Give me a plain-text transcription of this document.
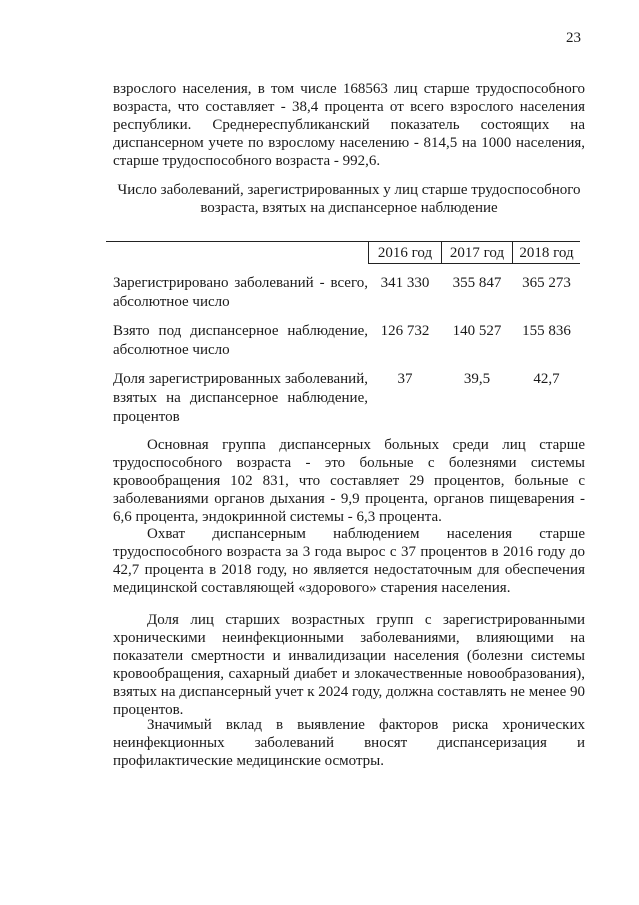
23

взрослого населения, в том числе 168563 лиц старше трудоспособного возраста, что составляет - 38,4 процента от всего взрослого населения республики. Среднереспубликанский показатель состоящих на диспансерном учете по взрослому населению - 814,5 на 1000 населения, старше трудоспособного возраста - 992,6.

Число заболеваний, зарегистрированных у лиц старше трудоспособного возраста, взятых на диспансерное наблюдение

2016 год	2017 год	2018 год

Зарегистрировано заболеваний - всего, абсолютное число

341 330	355 847	365 273

Взято под диспансерное наблюдение, абсолютное число

126 732	140 527	155 836

Доля зарегистрированных заболеваний, взятых на диспансерное наблюдение, процентов

37	39,5	42,7

Основная группа диспансерных больных среди лиц старше трудоспособного возраста - это больные с болезнями системы кровообращения 102 831, что составляет 29 процентов, больные с заболеваниями органов дыхания - 9,9 процента, органов пищеварения - 6,6 процента, эндокринной системы - 6,3 процента.

Охват диспансерным наблюдением населения старше трудоспособного возраста за 3 года вырос с 37 процентов в 2016 году до 42,7 процента в 2018 году, но является недостаточным для обеспечения медицинской составляющей «здорового» старения населения.

Доля лиц старших возрастных групп с зарегистрированными хроническими неинфекционными заболеваниями, влияющими на показатели смертности и инвалидизации населения (болезни системы кровообращения, сахарный диабет и злокачественные новообразования), взятых на диспансерный учет к 2024 году, должна составлять не менее 90 процентов.

Значимый вклад в выявление факторов риска хронических неинфекционных заболеваний вносят диспансеризация и профилактические медицинские осмотры.
